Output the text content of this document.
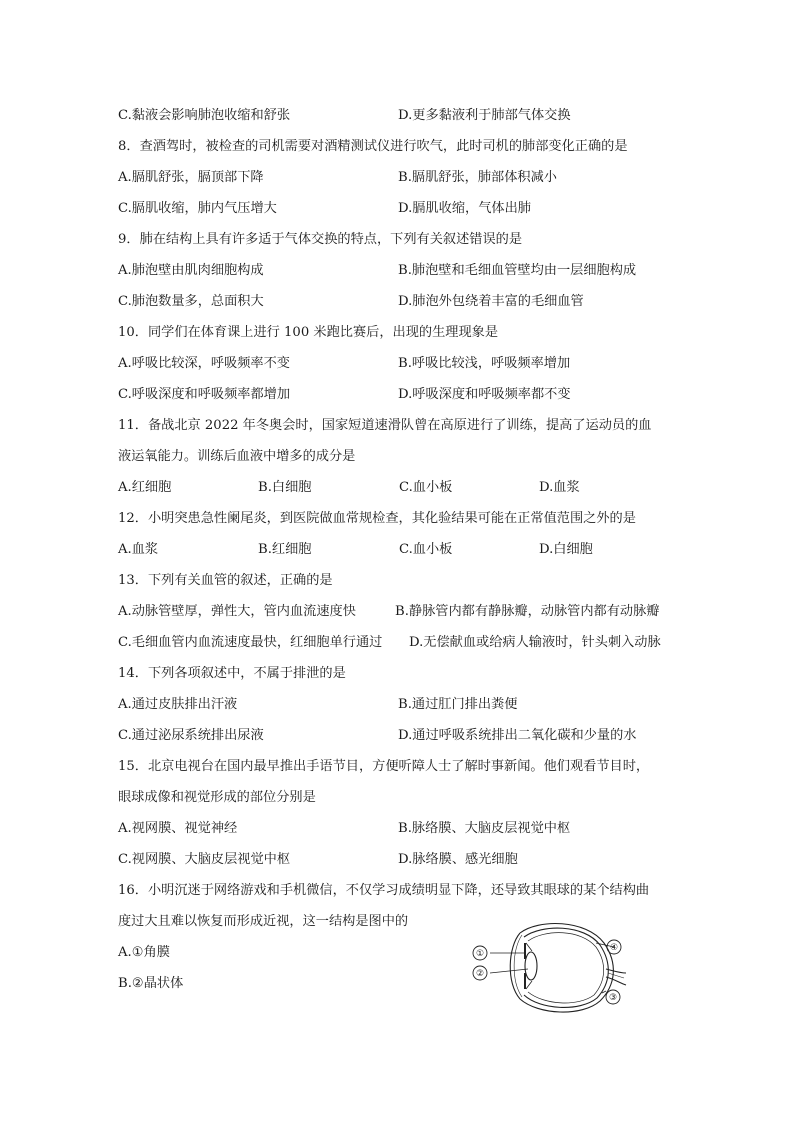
C.黏液会影响肺泡收缩和舒张	D.更多黏液利于肺部气体交换
8．查酒驾时，被检查的司机需要对酒精测试仪进行吹气，此时司机的肺部变化正确的是
A.膈肌舒张，膈顶部下降	B.膈肌舒张，肺部体积减小
C.膈肌收缩，肺内气压增大	D.膈肌收缩，气体出肺
9．肺在结构上具有许多适于气体交换的特点，下列有关叙述错误的是
A.肺泡壁由肌肉细胞构成	B.肺泡壁和毛细血管壁均由一层细胞构成
C.肺泡数量多，总面积大	D.肺泡外包绕着丰富的毛细血管
10．同学们在体育课上进行 100 米跑比赛后，出现的生理现象是
A.呼吸比较深，呼吸频率不变	B.呼吸比较浅，呼吸频率增加
C.呼吸深度和呼吸频率都增加	D.呼吸深度和呼吸频率都不变
11．备战北京 2022 年冬奥会时，国家短道速滑队曾在高原进行了训练，提高了运动员的血
液运氧能力。训练后血液中增多的成分是
A.红细胞	B.白细胞	C.血小板	D.血浆
12．小明突患急性阑尾炎，到医院做血常规检查，其化验结果可能在正常值范围之外的是
A.血浆	B.红细胞	C.血小板	D.白细胞
13．下列有关血管的叙述，正确的是
A.动脉管壁厚，弹性大，管内血流速度快	B.静脉管内都有静脉瓣，动脉管内都有动脉瓣
C.毛细血管内血流速度最快，红细胞单行通过 D.无偿献血或给病人输液时，针头刺入动脉
14．下列各项叙述中，不属于排泄的是
A.通过皮肤排出汗液	B.通过肛门排出粪便
C.通过泌尿系统排出尿液	D.通过呼吸系统排出二氧化碳和少量的水
15．北京电视台在国内最早推出手语节目，方便听障人士了解时事新闻。他们观看节目时，
眼球成像和视觉形成的部位分别是
A.视网膜、视觉神经	B.脉络膜、大脑皮层视觉中枢
C.视网膜、大脑皮层视觉中枢	D.脉络膜、感光细胞
16．小明沉迷于网络游戏和手机微信，不仅学习成绩明显下降，还导致其眼球的某个结构曲
度过大且难以恢复而形成近视，这一结构是图中的
A.①角膜
B.②晶状体
①
②
③
④
